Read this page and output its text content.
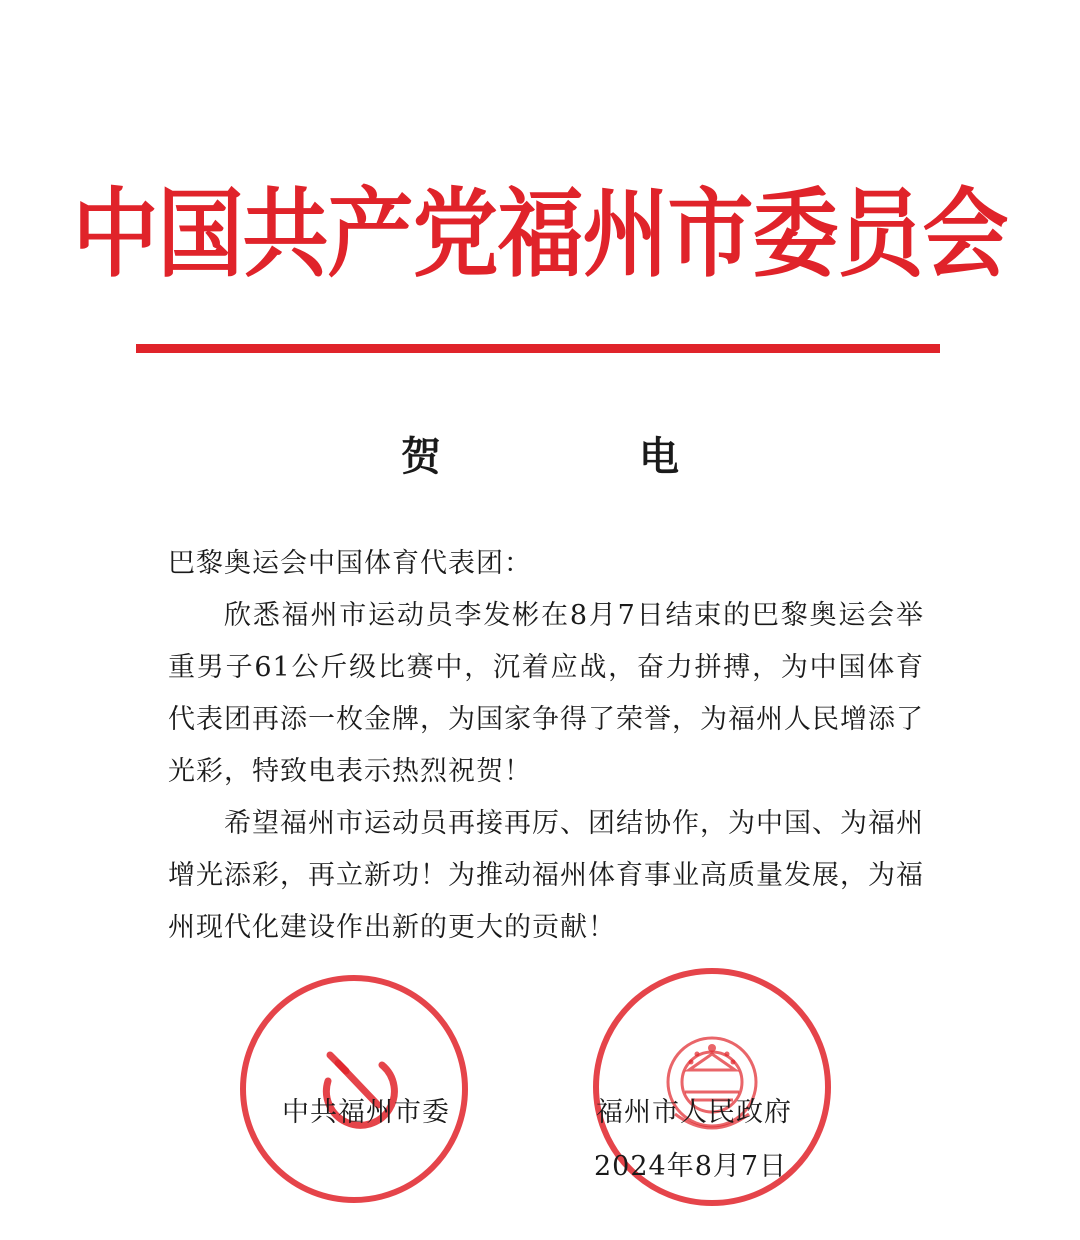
中国共产党福州市委员会
贺 电

巴黎奥运会中国体育代表团：

欣悉福州市运动员李发彬在8月7日结束的巴黎奥运会举重男子61公斤级比赛中，沉着应战，奋力拼搏，为中国体育代表团再添一枚金牌，为国家争得了荣誉，为福州人民增添了光彩，特致电表示热烈祝贺！

希望福州市运动员再接再厉、团结协作，为中国、为福州增光添彩，再立新功！为推动福州体育事业高质量发展，为福州现代化建设作出新的更大的贡献！

中共福州市委	福州市人民政府
2024年8月7日
